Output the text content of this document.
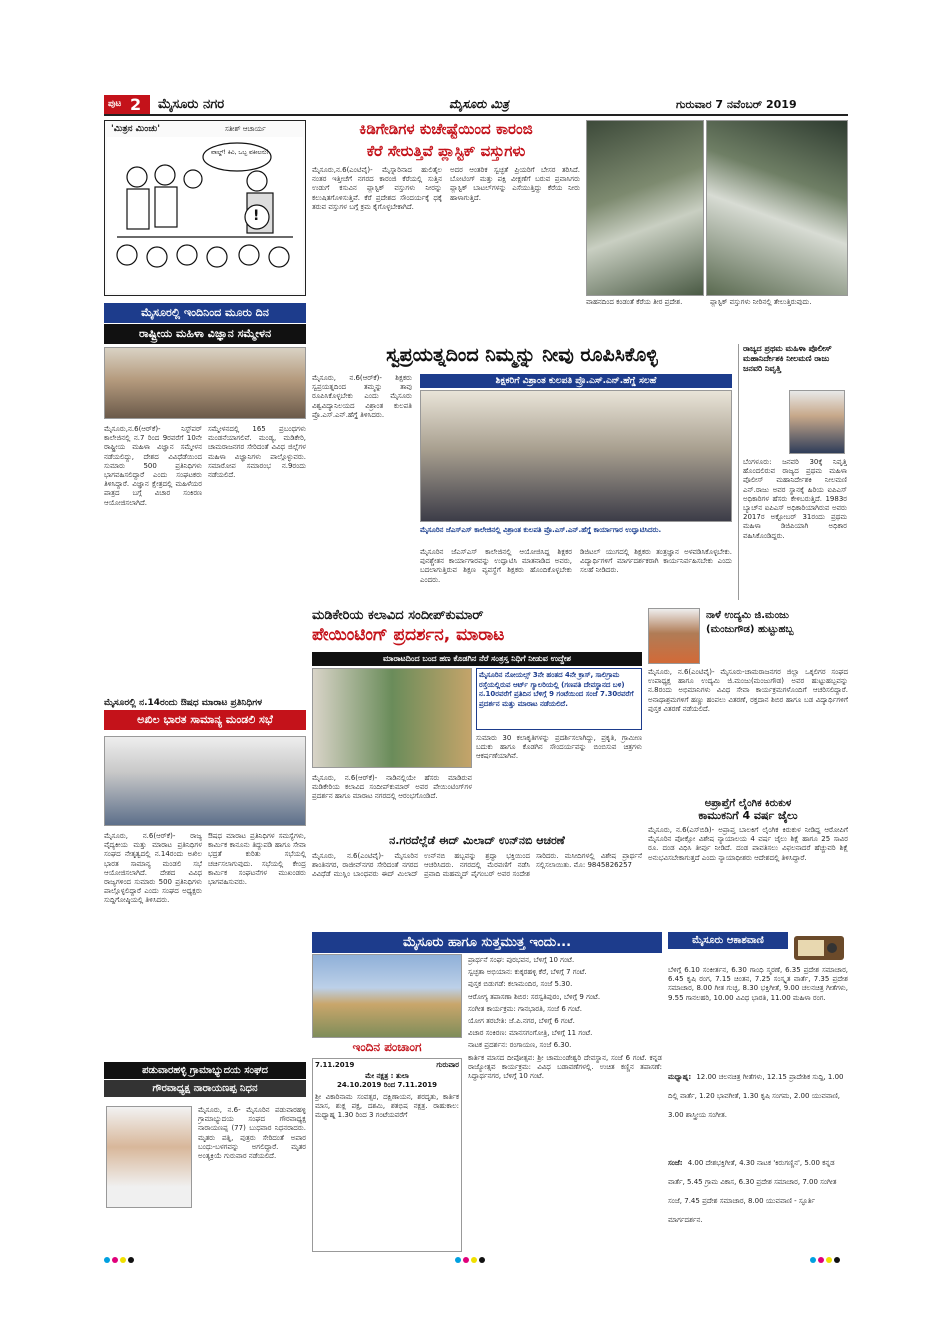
ಪುಟ 2 ಮೈಸೂರು ನಗರ	ಮೈಸೂರು ಮಿತ್ರ	ಗುರುವಾರ 7 ನವೆಂಬರ್ 2019
'ಮಿತ್ರನ ಮಿಂಚು'	ಸತೀಶ್ ಆಚಾರ್ಯ
ವಾಲ್ಡ್‌! ಕಿವಿ, ಒಬ್ಬ ವಕೀಲನು!
!
ಮೈಸೂರಲ್ಲಿ ಇಂದಿನಿಂದ ಮೂರು ದಿನ
ರಾಷ್ಟ್ರೀಯ ಮಹಿಳಾ ವಿಜ್ಞಾನ ಸಮ್ಮೇಳನ
ಮೈಸೂರು,ನ.6(ಆರ್‌ಕೆ)- ನಿಸ್ಟ್‌ಪರ್ ಕಾಲೇಜಿನಲ್ಲಿ ನ.7 ರಿಂದ 9ರವರೆಗೆ 10ನೇ ರಾಷ್ಟ್ರೀಯ ಮಹಿಳಾ ವಿಜ್ಞಾನ ಸಮ್ಮೇಳನ ನಡೆಯಲಿದ್ದು, ದೇಶದ ವಿವಿಧೆಡೆಯಿಂದ ಸುಮಾರು 500 ಪ್ರತಿನಿಧಿಗಳು ಭಾಗವಹಿಸಲಿದ್ದಾರೆ ಎಂದು ಸಂಘಟಕರು ತಿಳಿಸಿದ್ದಾರೆ. ವಿಜ್ಞಾನ ಕ್ಷೇತ್ರದಲ್ಲಿ ಮಹಿಳೆಯರ ಪಾತ್ರದ ಬಗ್ಗೆ ವಿಚಾರ ಸಂಕಿರಣ ಆಯೋಜಿಸಲಾಗಿದೆ.
ಸಮ್ಮೇಳನದಲ್ಲಿ 165 ಪ್ರಬಂಧಗಳು ಮಂಡನೆಯಾಗಲಿವೆ. ಮಂಡ್ಯ, ಮಡಿಕೇರಿ, ಚಾಮರಾಜನಗರ ಸೇರಿದಂತೆ ವಿವಿಧ ಜಿಲ್ಲೆಗಳ ಮಹಿಳಾ ವಿಜ್ಞಾನಿಗಳು ಪಾಲ್ಗೊಳ್ಳುವರು. ಸಮಾರೋಪ ಸಮಾರಂಭ ನ.9ರಂದು ನಡೆಯಲಿದೆ.
ಮೈಸೂರಲ್ಲಿ ನ.14ರಂದು ಔಷಧ ಮಾರಾಟ ಪ್ರತಿನಿಧಿಗಳ
ಅಖಿಲ ಭಾರತ ಸಾಮಾನ್ಯ ಮಂಡಲಿ ಸಭೆ
ಮೈಸೂರು, ನ.6(ಆರ್‌ಕೆ)- ರಾಜ್ಯ ವೈದ್ಯಕೀಯ ಮತ್ತು ಮಾರಾಟ ಪ್ರತಿನಿಧಿಗಳ ಸಂಘದ ನೇತೃತ್ವದಲ್ಲಿ ನ.14ರಂದು ಅಖಿಲ ಭಾರತ ಸಾಮಾನ್ಯ ಮಂಡಲಿ ಸಭೆ ಆಯೋಜಿಸಲಾಗಿದೆ. ದೇಶದ ವಿವಿಧ ರಾಜ್ಯಗಳಿಂದ ಸುಮಾರು 500 ಪ್ರತಿನಿಧಿಗಳು ಪಾಲ್ಗೊಳ್ಳಲಿದ್ದಾರೆ ಎಂದು ಸಂಘದ ಅಧ್ಯಕ್ಷರು ಸುದ್ದಿಗೋಷ್ಠಿಯಲ್ಲಿ ತಿಳಿಸಿದರು.
ಔಷಧ ಮಾರಾಟ ಪ್ರತಿನಿಧಿಗಳ ಸಮಸ್ಯೆಗಳು, ಕಾರ್ಮಿಕ ಕಾನೂನು ತಿದ್ದುಪಡಿ ಹಾಗೂ ಸೇವಾ ಭದ್ರತೆ ಕುರಿತು ಸಭೆಯಲ್ಲಿ ಚರ್ಚಿಸಲಾಗುವುದು. ಸಭೆಯಲ್ಲಿ ಕೇಂದ್ರ ಕಾರ್ಮಿಕ ಸಂಘಟನೆಗಳ ಮುಖಂಡರು ಭಾಗವಹಿಸುವರು.
ಪಡುವಾರಹಳ್ಳಿ ಗ್ರಾಮಾಭ್ಯುದಯ ಸಂಘದ
ಗೌರವಾಧ್ಯಕ್ಷ ನಾರಾಯಣಪ್ಪ ನಿಧನ
ಮೈಸೂರು, ನ.6- ಮೈಸೂರಿನ ಪಡುವಾರಹಳ್ಳಿ ಗ್ರಾಮಾಭ್ಯುದಯ ಸಂಘದ ಗೌರವಾಧ್ಯಕ್ಷ ನಾರಾಯಣಪ್ಪ (77) ಬುಧವಾರ ನಿಧನರಾದರು. ಮೃತರು ಪತ್ನಿ, ಪುತ್ರರು ಸೇರಿದಂತೆ ಅಪಾರ ಬಂಧು-ಬಳಗವನ್ನು ಅಗಲಿದ್ದಾರೆ. ಮೃತರ ಅಂತ್ಯಕ್ರಿಯೆ ಗುರುವಾರ ನಡೆಯಲಿದೆ.
ಕಿಡಿಗೇಡಿಗಳ ಕುಚೇಷ್ಟೆಯಿಂದ ಕಾರಂಜಿ
ಕೆರೆ ಸೇರುತ್ತಿವೆ ಪ್ಲಾಸ್ಟಿಕ್ ವಸ್ತುಗಳು
ಮೈಸೂರು,ನ.6(ಎಂಟಿವೈ)- ಮೈಸ್ನಾರಿನಾದ ಹುಲಿತೈಲ ನಂತರ ಇತ್ತೀಚೆಗೆ ನಗರದ ಕಾರಂಜಿ ಕೆರೆಯಲ್ಲಿ ಸುತ್ತಿನ ಉಡುಗೆ ಕಸುವಿನ ಪ್ಲಾಸ್ಟಿಕ್ ವಸ್ತುಗಳು ನೀರನ್ನು ಕಲುಷಿತಗೊಳಿಸುತ್ತಿವೆ. ಕೆರೆ ಪ್ರದೇಶದ ಸೌಂದರ್ಯಕ್ಕೆ ಧಕ್ಕೆ ತರುವ ವಸ್ತುಗಳ ಬಗ್ಗೆ ಕ್ರಮ ಕೈಗೊಳ್ಳಬೇಕಾಗಿದೆ.
ಅದರ ಆಂತರಿಕ ಸ್ವಚ್ಛತೆ ಪ್ರಿಯರಿಗೆ ಬೇಸರ ತರಿಸಿದೆ. ಬೋಟಿಂಗ್ ಮತ್ತು ಪಕ್ಷಿ ವೀಕ್ಷಣೆಗೆ ಬರುವ ಪ್ರವಾಸಿಗರು ಪ್ಲಾಸ್ಟಿಕ್ ಬಾಟಲ್‌ಗಳನ್ನು ಎಸೆಯುತ್ತಿದ್ದು ಕೆರೆಯ ನೀರು ಹಾಳಾಗುತ್ತಿದೆ.
ವಾಹನದಿಂದ ಕಂಡಂತೆ ಕೆರೆಯ ತೀರ ಪ್ರದೇಶ.	ಪ್ಲಾಸ್ಟಿಕ್ ವಸ್ತುಗಳು ನೀರಿನಲ್ಲಿ ತೇಲುತ್ತಿರುವುದು.
ಸ್ವಪ್ರಯತ್ನದಿಂದ ನಿಮ್ಮನ್ನು ನೀವು ರೂಪಿಸಿಕೊಳ್ಳಿ
ಮೈಸೂರು, ನ.6(ಆರ್‌ಕೆ)- ಶಿಕ್ಷಕರು ಸ್ವಪ್ರಯತ್ನದಿಂದ ತಮ್ಮನ್ನು ತಾವು ರೂಪಿಸಿಕೊಳ್ಳಬೇಕು ಎಂದು ಮೈಸೂರು ವಿಶ್ವವಿದ್ಯಾನಿಲಯದ ವಿಶ್ರಾಂತ ಕುಲಪತಿ ಪ್ರೊ.ಎಸ್.ಎನ್.ಹೆಗ್ಡೆ ತಿಳಿಸಿದರು.
ಶಿಕ್ಷಕರಿಗೆ ವಿಶ್ರಾಂತ ಕುಲಪತಿ ಪ್ರೊ.ಎಸ್.ಎನ್.ಹೆಗ್ಡೆ ಸಲಹೆ
ಮೈಸೂರಿನ ಜೆಎಸ್‌ಎಸ್ ಕಾಲೇಜಿನಲ್ಲಿ ವಿಶ್ರಾಂತ ಕುಲಪತಿ ಪ್ರೊ.ಎಸ್.ಎನ್.ಹೆಗ್ಡೆ ಕಾರ್ಯಾಗಾರ ಉದ್ಘಾಟಿಸಿದರು.
ಮೈಸೂರಿನ ಜೆಎಸ್‌ಎಸ್ ಕಾಲೇಜಿನಲ್ಲಿ ಆಯೋಜಿಸಿದ್ದ ಶಿಕ್ಷಕರ ಪುನಶ್ಚೇತನ ಕಾರ್ಯಾಗಾರವನ್ನು ಉದ್ಘಾಟಿಸಿ ಮಾತನಾಡಿದ ಅವರು, ಬದಲಾಗುತ್ತಿರುವ ಶಿಕ್ಷಣ ವ್ಯವಸ್ಥೆಗೆ ಶಿಕ್ಷಕರು ಹೊಂದಿಕೊಳ್ಳಬೇಕು ಎಂದರು.
ಡಿಜಿಟಲ್ ಯುಗದಲ್ಲಿ ಶಿಕ್ಷಕರು ತಂತ್ರಜ್ಞಾನ ಅಳವಡಿಸಿಕೊಳ್ಳಬೇಕು. ವಿದ್ಯಾರ್ಥಿಗಳಿಗೆ ಮಾರ್ಗದರ್ಶಕರಾಗಿ ಕಾರ್ಯನಿರ್ವಹಿಸಬೇಕು ಎಂದು ಸಲಹೆ ನೀಡಿದರು.
ರಾಜ್ಯದ ಪ್ರಥಮ ಮಹಿಳಾ ಪೊಲೀಸ್ ಮಹಾನಿರ್ದೇಶಕಿ ನೀಲಮಣಿ ರಾಜು ಜನವರಿ ನಿವೃತ್ತಿ
ಬೆಂಗಳೂರು: ಜನವರಿ 30ಕ್ಕೆ ನಿವೃತ್ತಿ ಹೊಂದಲಿರುವ ರಾಜ್ಯದ ಪ್ರಥಮ ಮಹಿಳಾ ಪೊಲೀಸ್ ಮಹಾನಿರ್ದೇಶಕಿ ನೀಲಮಣಿ ಎನ್.ರಾಜು ಅವರ ಸ್ಥಾನಕ್ಕೆ ಹಿರಿಯ ಐಪಿಎಸ್ ಅಧಿಕಾರಿಗಳ ಹೆಸರು ಕೇಳಿಬರುತ್ತಿದೆ. 1983ರ ಬ್ಯಾಚ್‌ನ ಐಪಿಎಸ್ ಅಧಿಕಾರಿಯಾಗಿರುವ ಅವರು 2017ರ ಅಕ್ಟೋಬರ್ 31ರಂದು ಪ್ರಥಮ ಮಹಿಳಾ ಡಿಜಿಪಿಯಾಗಿ ಅಧಿಕಾರ ವಹಿಸಿಕೊಂಡಿದ್ದರು.
ಮಡಿಕೇರಿಯ ಕಲಾವಿದ ಸಂದೀಪ್‌ಕುಮಾರ್
ಪೇಯಿಂಟಿಂಗ್ ಪ್ರದರ್ಶನ, ಮಾರಾಟ
ಮಾರಾಟದಿಂದ ಬಂದ ಹಣ ಕೊಡಗಿನ ನೆರೆ ಸಂತ್ರಸ್ತ ನಿಧಿಗೆ ನೀಡುವ ಉದ್ದೇಶ
ಮೈಸೂರಿನ ನೋಯಲ್ಸ್ 3ನೇ ಹಂತದ 4ನೇ ಕ್ರಾಸ್, ಸಾಲಿಗ್ರಾಮ ರಸ್ತೆಯಲ್ಲಿರುವ ಆರ್ಟ್ ಗ್ಯಾಲರಿಯಲ್ಲಿ (ಗಣಪತಿ ದೇವಸ್ಥಾನದ ಬಳಿ) ನ.10ರವರೆಗೆ ಪ್ರತಿದಿನ ಬೆಳಿಗ್ಗೆ 9 ಗಂಟೆಯಿಂದ ಸಂಜೆ 7.30ರವರೆಗೆ ಪ್ರದರ್ಶನ ಮತ್ತು ಮಾರಾಟ ನಡೆಯಲಿದೆ.
ಮೈಸೂರು, ನ.6(ಆರ್‌ಕೆ)- ನಾಡಿನಲ್ಲಿಯೇ ಹೆಸರು ಮಾಡಿರುವ ಮಡಿಕೇರಿಯ ಕಲಾವಿದ ಸಂದೀಪ್‌ಕುಮಾರ್ ಅವರ ಪೇಯಿಂಟಿಂಗ್‌ಗಳ ಪ್ರದರ್ಶನ ಹಾಗೂ ಮಾರಾಟ ನಗರದಲ್ಲಿ ಆರಂಭಗೊಂಡಿದೆ.
ಸುಮಾರು 30 ಕಲಾಕೃತಿಗಳನ್ನು ಪ್ರದರ್ಶಿಸಲಾಗಿದ್ದು, ಪ್ರಕೃತಿ, ಗ್ರಾಮೀಣ ಬದುಕು ಹಾಗೂ ಕೊಡಗಿನ ಸೌಂದರ್ಯವನ್ನು ಬಿಂಬಿಸುವ ಚಿತ್ರಗಳು ಆಕರ್ಷಣೆಯಾಗಿವೆ.
ನಾಳೆ ಉದ್ಯಮಿ ಜಿ.ಮಂಜು
(ಮಂಜುಗೌಡ) ಹುಟ್ಟುಹಬ್ಬ
ಮೈಸೂರು, ನ.6(ಎಂಟಿವೈ)- ಮೈಸೂರು-ಚಾಮರಾಜನಗರ ಜಿಲ್ಲಾ ಒಕ್ಕಲಿಗರ ಸಂಘದ ಉಪಾಧ್ಯಕ್ಷ ಹಾಗೂ ಉದ್ಯಮಿ ಜಿ.ಮಂಜು(ಮಂಜುಗೌಡ) ಅವರ ಹುಟ್ಟುಹಬ್ಬವನ್ನು ನ.8ರಂದು ಅಭಿಮಾನಿಗಳು ವಿವಿಧ ಸೇವಾ ಕಾರ್ಯಕ್ರಮಗಳೊಂದಿಗೆ ಆಚರಿಸಲಿದ್ದಾರೆ. ಅನಾಥಾಶ್ರಮಗಳಿಗೆ ಹಣ್ಣು ಹಂಪಲು ವಿತರಣೆ, ರಕ್ತದಾನ ಶಿಬಿರ ಹಾಗೂ ಬಡ ವಿದ್ಯಾರ್ಥಿಗಳಿಗೆ ಪುಸ್ತಕ ವಿತರಣೆ ನಡೆಯಲಿದೆ.
ಅಪ್ರಾಪ್ತೆಗೆ ಲೈಂಗಿಕ ಕಿರುಕುಳ
ಕಾಮುಕನಿಗೆ 4 ವರ್ಷ ಜೈಲು
ಮೈಸೂರು, ನ.6(ಎಸ್‌ಬಿಡಿ)- ಅಪ್ರಾಪ್ತ ಬಾಲಕಿಗೆ ಲೈಂಗಿಕ ಕಿರುಕುಳ ನೀಡಿದ್ದ ಆರೋಪಿಗೆ ಮೈಸೂರಿನ ಪೋಕ್ಸೋ ವಿಶೇಷ ನ್ಯಾಯಾಲಯ 4 ವರ್ಷ ಜೈಲು ಶಿಕ್ಷೆ ಹಾಗೂ 25 ಸಾವಿರ ರೂ. ದಂಡ ವಿಧಿಸಿ ತೀರ್ಪು ನೀಡಿದೆ. ದಂಡ ಪಾವತಿಸಲು ವಿಫಲನಾದರೆ ಹೆಚ್ಚುವರಿ ಶಿಕ್ಷೆ ಅನುಭವಿಸಬೇಕಾಗುತ್ತದೆ ಎಂದು ನ್ಯಾಯಾಧೀಶರು ಆದೇಶದಲ್ಲಿ ತಿಳಿಸಿದ್ದಾರೆ.
ನ.ಗರದೆಲ್ಲೆಡೆ ಈದ್ ಮಿಲಾದ್ ಉನ್‌ನಬಿ ಆಚರಣೆ
ಮೈಸೂರು, ನ.6(ಎಂಟಿವೈ)- ಮೈಸೂರಿನ ಶಾಂತಿನಗರ, ರಾಜೀವ್‌ನಗರ ಸೇರಿದಂತೆ ನಗರದ ವಿವಿಧೆಡೆ ಮುಸ್ಲಿಂ ಬಾಂಧವರು ಈದ್ ಮಿಲಾದ್ ಉನ್‌ನಬಿ ಹಬ್ಬವನ್ನು ಶ್ರದ್ಧಾ ಭಕ್ತಿಯಿಂದ ಆಚರಿಸಿದರು. ನಗರದಲ್ಲಿ ಮೆರವಣಿಗೆ ನಡೆಸಿ ಪ್ರವಾದಿ ಮಹಮ್ಮದ್ ಪೈಗಂಬರ್ ಅವರ ಸಂದೇಶ ಸಾರಿದರು. ಮಸೀದಿಗಳಲ್ಲಿ ವಿಶೇಷ ಪ್ರಾರ್ಥನೆ ಸಲ್ಲಿಸಲಾಯಿತು. ಮೊ: 9845826257
ಮೈಸೂರು ಹಾಗೂ ಸುತ್ತಮುತ್ತ ಇಂದು...
ಇಂದಿನ ಪಂಚಾಂಗ
7.11.2019	ಗುರುವಾರ
ಮೇ ನಕ್ಷತ್ರ : ತುಲಾ
24.10.2019 ರಿಂದ 7.11.2019
ಶ್ರೀ ವಿಕಾರಿನಾಮ ಸಂವತ್ಸರ, ದಕ್ಷಿಣಾಯನ, ಶರದೃತು, ಕಾರ್ತಿಕ ಮಾಸ, ಶುಕ್ಲ ಪಕ್ಷ, ದಶಮಿ, ಶತಭಿಷ ನಕ್ಷತ್ರ. ರಾಹುಕಾಲ: ಮಧ್ಯಾಹ್ನ 1.30 ರಿಂದ 3 ಗಂಟೆಯವರೆಗೆ
ಪ್ರಾರ್ಥನೆ ಸಂಘ: ಪುರಭವನ, ಬೆಳಿಗ್ಗೆ 10 ಗಂಟೆ.
ಸ್ವಚ್ಛತಾ ಅಭಿಯಾನ: ಕುಕ್ಕರಹಳ್ಳಿ ಕೆರೆ, ಬೆಳಿಗ್ಗೆ 7 ಗಂಟೆ.
ಪುಸ್ತಕ ಬಿಡುಗಡೆ: ಕಲಾಮಂದಿರ, ಸಂಜೆ 5.30.
ಆರೋಗ್ಯ ತಪಾಸಣಾ ಶಿಬಿರ: ಸರಸ್ವತಿಪುರಂ, ಬೆಳಿಗ್ಗೆ 9 ಗಂಟೆ.
ಸಂಗೀತ ಕಾರ್ಯಕ್ರಮ: ಗಾನಭಾರತಿ, ಸಂಜೆ 6 ಗಂಟೆ.
ಯೋಗ ತರಬೇತಿ: ಜೆ.ಪಿ.ನಗರ, ಬೆಳಿಗ್ಗೆ 6 ಗಂಟೆ.
ವಿಚಾರ ಸಂಕಿರಣ: ಮಾನಸಗಂಗೋತ್ರಿ, ಬೆಳಿಗ್ಗೆ 11 ಗಂಟೆ.
ನಾಟಕ ಪ್ರದರ್ಶನ: ರಂಗಾಯಣ, ಸಂಜೆ 6.30.
ಕಾರ್ತಿಕ ಮಾಸದ ದೀಪೋತ್ಸವ: ಶ್ರೀ ಚಾಮುಂಡೇಶ್ವರಿ ದೇವಸ್ಥಾನ, ಸಂಜೆ 6 ಗಂಟೆ. ಕನ್ನಡ ರಾಜ್ಯೋತ್ಸವ ಕಾರ್ಯಕ್ರಮ: ವಿವಿಧ ಬಡಾವಣೆಗಳಲ್ಲಿ. ಉಚಿತ ಕಣ್ಣಿನ ತಪಾಸಣೆ: ಸಿದ್ದಾರ್ಥನಗರ, ಬೆಳಿಗ್ಗೆ 10 ಗಂಟೆ.
ಮೈಸೂರು ಆಕಾಶವಾಣಿ
ಬೆಳಿಗ್ಗೆ 6.10 ಸಂಕೀರ್ತನ, 6.30 ಗಾಂಧಿ ಸ್ಮರಣೆ, 6.35 ಪ್ರದೇಶ ಸಮಾಚಾರ, 6.45 ಕೃಷಿ ರಂಗ, 7.15 ಚಿಂತನ, 7.25 ಸಂಸ್ಕೃತ ವಾರ್ತೆ, 7.35 ಪ್ರದೇಶ ಸಮಾಚಾರ, 8.00 ಗೀತ ಗುಚ್ಛ, 8.30 ಭಕ್ತಿಗೀತೆ, 9.00 ಚಲನಚಿತ್ರ ಗೀತೆಗಳು, 9.55 ಗಾನಲಹರಿ, 10.00 ವಿವಿಧ ಭಾರತಿ, 11.00 ಮಹಿಳಾ ರಂಗ.
ಮಧ್ಯಾಹ್ನ: 12.00 ಚಲನಚಿತ್ರ ಗೀತೆಗಳು, 12.15 ಪ್ರಾದೇಶಿಕ ಸುದ್ದಿ, 1.00 ದಿಲ್ಲಿ ವಾರ್ತೆ, 1.20 ಭಾವಗೀತೆ, 1.30 ಕೃಷಿ ಸಂಗಮ, 2.00 ಯುವವಾಣಿ, 3.00 ಶಾಸ್ತ್ರೀಯ ಸಂಗೀತ.
ಸಂಜೆ: 4.00 ದೇಶಭಕ್ತಿಗೀತೆ, 4.30 ನಾಟಕ 'ಕಿರುಗಣ್ಣಿನ', 5.00 ಕನ್ನಡ ವಾರ್ತೆ, 5.45 ಗ್ರಾಮ ವಿಕಾಸ, 6.30 ಪ್ರದೇಶ ಸಮಾಚಾರ, 7.00 ಸಂಗೀತ ಸಂಜೆ, 7.45 ಪ್ರದೇಶ ಸಮಾಚಾರ, 8.00 ಯುವವಾಣಿ - ಸ್ಫೂರ್ತಿ ಮಾರ್ಗದರ್ಶನ.
